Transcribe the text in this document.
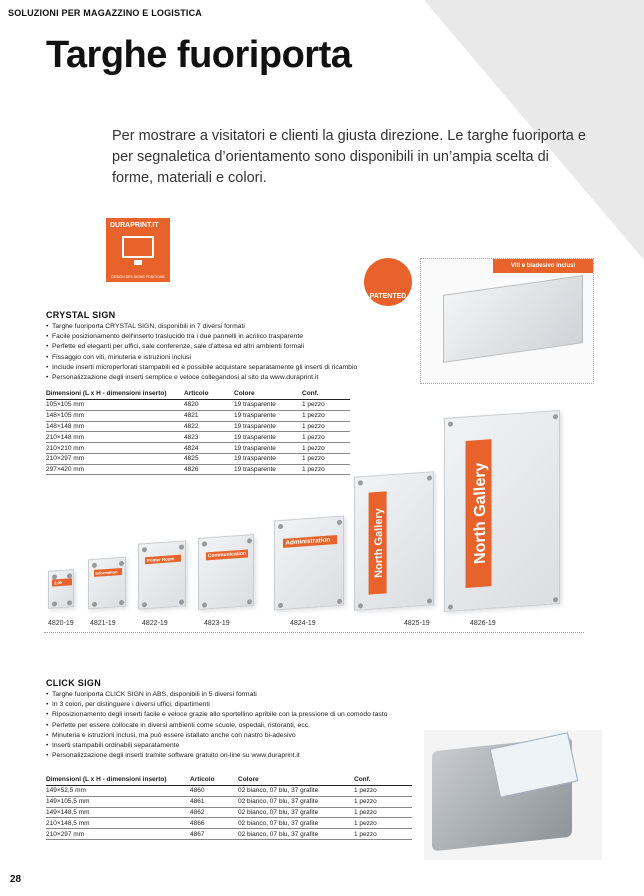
SOLUZIONI PER MAGAZZINO E LOGISTICA
Targhe fuoriporta

Per mostrare a visitatori e clienti la giusta direzione. Le targhe fuoriporta e per segnaletica d’orientamento sono disponibili in un’ampia scelta di forme, materiali e colori.

DURAPRINT.IT
DESIGN DES SIGNS POSITIONS
PATENTED
Viti e biadesivo inclusi
CRYSTAL SIGN
• Targhe fuoriporta CRYSTAL SIGN, disponibili in 7 diversi formati
• Facile posizionamento dell'inserto traslucido tra i due pannelli in acrilico trasparente
• Perfette ed eleganti per uffici, sale conferenze, sale d'attesa ed altri ambienti formali
• Fissaggio con viti, minuteria e istruzioni inclusi
• Include inserti microperforati stampabili ed è possibile acquistare separatamente gli inserti di ricambio
• Personalizzazione degli inserti semplice e veloce collegandosi al sito da www.duraprint.it
Dimensioni (L x H - dimensioni inserto)	Articolo	Colore	Conf.
105×105 mm	4820	19 trasparente	1 pezzo
148×105 mm	4821	19 trasparente	1 pezzo
148×148 mm	4822	19 trasparente	1 pezzo
210×148 mm	4823	19 trasparente	1 pezzo
210×210 mm	4824	19 trasparente	1 pezzo
210×297 mm	4825	19 trasparente	1 pezzo
297×420 mm	4826	19 trasparente	1 pezzo
2.09
4820-19
Information
4821-19
Printer Room
4822-19
Communication
4823-19
Administration
4824-19
North Gallery
4825-19
North Gallery
4826-19
CLICK SIGN
• Targhe fuoriporta CLICK SIGN in ABS, disponibili in 5 diversi formati
• In 3 colori, per distinguere i diversi uffici, dipartimenti
• Riposizionamento degli inserti facile e veloce grazie allo sportellino apribile con la pressione di un comodo tasto
• Perfette per essere collocate in diversi ambienti come scuole, ospedali, ristoranti, ecc.
• Minuteria e istruzioni inclusi, ma può essere istallato anche con nastro bi-adesivo
• Inserti stampabili ordinabili separatamente
• Personalizzazione degli inserti tramite software gratuito on-line su www.duraprint.it
Dimensioni (L x H - dimensioni inserto)	Articolo	Colore	Conf.
149×52,5 mm	4860	02 bianco, 07 blu, 37 grafite	1 pezzo
149×105,5 mm	4861	02 bianco, 07 blu, 37 grafite	1 pezzo
149×148,5 mm	4862	02 bianco, 07 blu, 37 grafite	1 pezzo
210×148,5 mm	4866	02 bianco, 07 blu, 37 grafite	1 pezzo
210×297 mm	4867	02 bianco, 07 blu, 37 grafite	1 pezzo
28
